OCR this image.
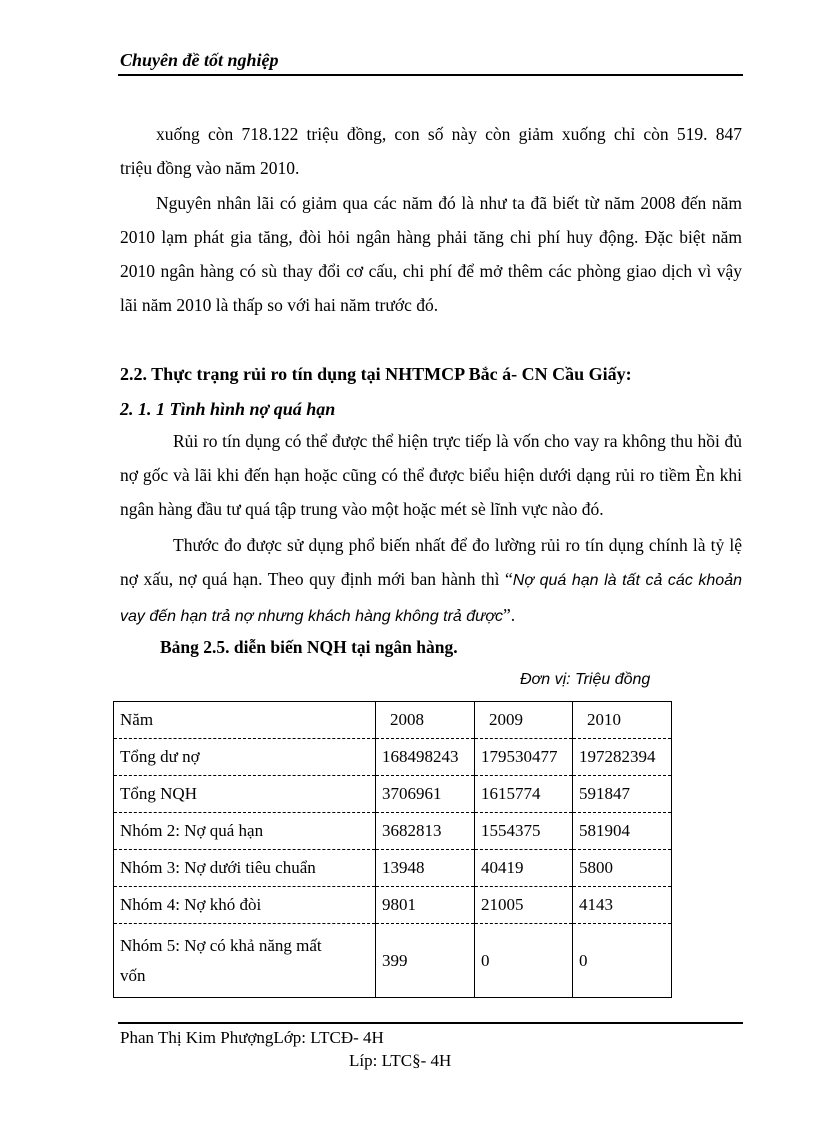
Chuyên đề tốt nghiệp
xuống còn 718.122 triệu đồng, con số này còn giảm xuống chỉ còn 519. 847
triệu đồng vào năm 2010.
Nguyên nhân lãi có giảm qua các năm đó là như ta đã biết từ năm 2008 đến năm 2010 lạm phát gia tăng, đòi hỏi ngân hàng phải tăng chi phí huy động. Đặc biệt năm 2010 ngân hàng có sù thay đổi cơ cấu, chi phí để mở thêm các phòng giao dịch vì vậy lãi năm 2010 là thấp so với hai năm trước đó.
2.2. Thực trạng rủi ro tín dụng tại NHTMCP Bắc á- CN Cầu Giấy:
2. 1. 1 Tình hình nợ quá hạn
Rủi ro tín dụng có thể được thể hiện trực tiếp là vốn cho vay ra không thu hồi đủ nợ gốc và lãi khi đến hạn hoặc cũng có thể được biểu hiện dưới dạng rủi ro tiềm Èn khi ngân hàng đầu tư quá tập trung vào một hoặc mét sè lĩnh vực nào đó.
Thước đo được sử dụng phổ biến nhất để đo lường rủi ro tín dụng chính là tỷ lệ nợ xấu, nợ quá hạn. Theo quy định mới ban hành thì “Nợ quá hạn là tất cả các khoản vay đến hạn trả nợ nhưng khách hàng không trả được”.
Bảng 2.5. diễn biến NQH tại ngân hàng.
Đơn vị: Triệu đồng
Năm	2008	2009	2010
Tổng dư nợ	168498243	179530477	197282394
Tổng NQH	3706961	1615774	591847
Nhóm 2: Nợ quá hạn	3682813	1554375	581904
Nhóm 3: Nợ dưới tiêu chuẩn	13948	40419	5800
Nhóm 4: Nợ khó đòi	9801	21005	4143

Nhóm 5: Nợ có khả năng mất
vốn	399	0	0
Phan Thị Kim PhượngLớp: LTCĐ- 4H
Líp: LTC§- 4H
